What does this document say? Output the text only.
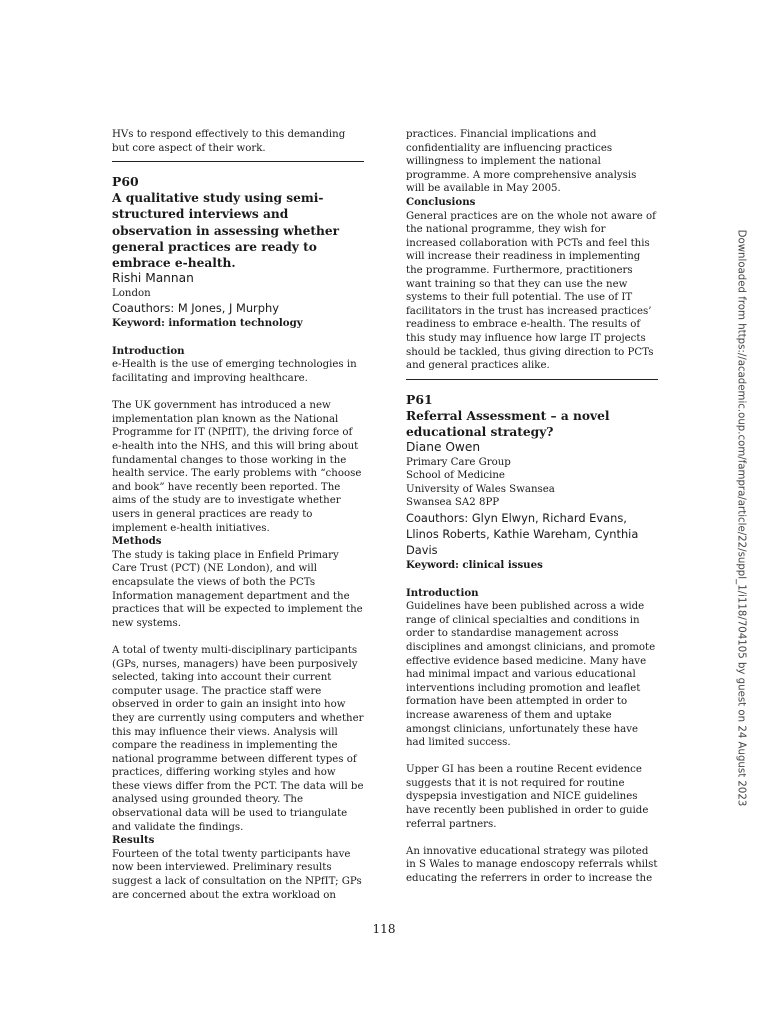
HVs to respond effectively to this demanding but core aspect of their work.

P60

A qualitative study using semi-structured interviews and observation in assessing whether general practices are ready to embrace e-health.

Rishi Mannan

London

Coauthors: M Jones, J Murphy

Keyword: information technology

Introduction

e-Health is the use of emerging technologies in facilitating and improving healthcare.

The UK government has introduced a new implementation plan known as the National Programme for IT (NPfIT), the driving force of e-health into the NHS, and this will bring about fundamental changes to those working in the health service. The early problems with “choose and book” have recently been reported. The aims of the study are to investigate whether users in general practices are ready to implement e-health initiatives.

Methods

The study is taking place in Enfield Primary Care Trust (PCT) (NE London), and will encapsulate the views of both the PCTs Information management department and the practices that will be expected to implement the new systems.

A total of twenty multi-disciplinary participants (GPs, nurses, managers) have been purposively selected, taking into account their current computer usage. The practice staff were observed in order to gain an insight into how they are currently using computers and whether this may influence their views. Analysis will compare the readiness in implementing the national programme between different types of practices, differing working styles and how these views differ from the PCT. The data will be analysed using grounded theory. The observational data will be used to triangulate and validate the findings.

Results

Fourteen of the total twenty participants have now been interviewed. Preliminary results suggest a lack of consultation on the NPfIT; GPs are concerned about the extra workload on

practices. Financial implications and confidentiality are influencing practices willingness to implement the national programme. A more comprehensive analysis will be available in May 2005.

Conclusions

General practices are on the whole not aware of the national programme, they wish for increased collaboration with PCTs and feel this will increase their readiness in implementing the programme. Furthermore, practitioners want training so that they can use the new systems to their full potential. The use of IT facilitators in the trust has increased practices’ readiness to embrace e-health. The results of this study may influence how large IT projects should be tackled, thus giving direction to PCTs and general practices alike.

P61

Referral Assessment – a novel educational strategy?

Diane Owen

Primary Care Group

School of Medicine

University of Wales Swansea

Swansea SA2 8PP

Coauthors: Glyn Elwyn, Richard Evans, Llinos Roberts, Kathie Wareham, Cynthia Davis

Keyword: clinical issues

Introduction

Guidelines have been published across a wide range of clinical specialties and conditions in order to standardise management across disciplines and amongst clinicians, and promote effective evidence based medicine. Many have had minimal impact and various educational interventions including promotion and leaflet formation have been attempted in order to increase awareness of them and uptake amongst clinicians, unfortunately these have had limited success.

Upper GI has been a routine Recent evidence suggests that it is not required for routine dyspepsia investigation and NICE guidelines have recently been published in order to guide referral partners.

An innovative educational strategy was piloted in S Wales to manage endoscopy referrals whilst educating the referrers in order to increase the

118
Downloaded from https://academic.oup.com/fampra/article/22/suppl_1/i118/704105 by guest on 24 August 2023
